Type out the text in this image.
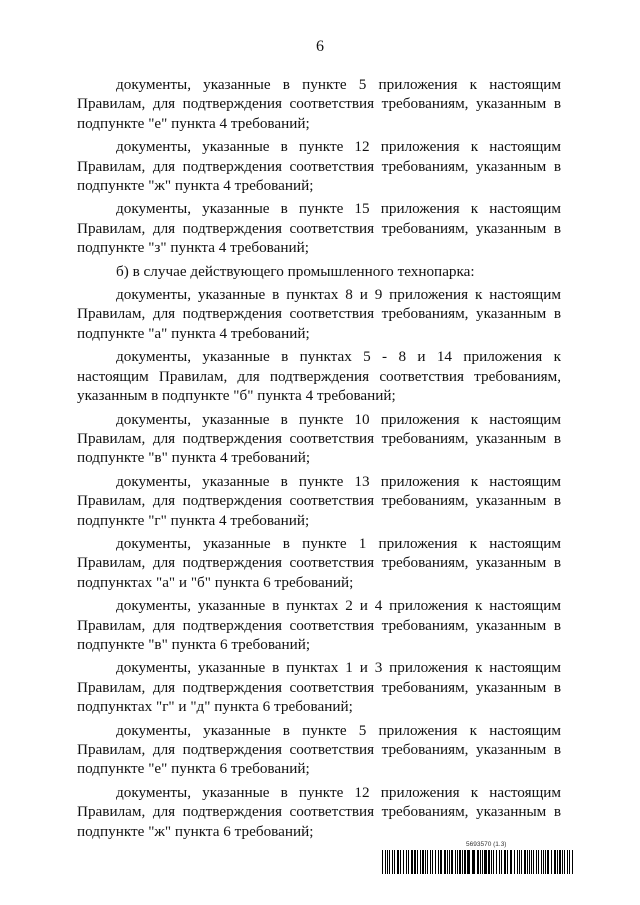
6

документы, указанные в пункте 5 приложения к настоящим Правилам, для подтверждения соответствия требованиям, указанным в подпункте "е" пункта 4 требований;

документы, указанные в пункте 12 приложения к настоящим Правилам, для подтверждения соответствия требованиям, указанным в подпункте "ж" пункта 4 требований;

документы, указанные в пункте 15 приложения к настоящим Правилам, для подтверждения соответствия требованиям, указанным в подпункте "з" пункта 4 требований;

б) в случае действующего промышленного технопарка:

документы, указанные в пунктах 8 и 9 приложения к настоящим Правилам, для подтверждения соответствия требованиям, указанным в подпункте "а" пункта 4 требований;

документы, указанные в пунктах 5 - 8 и 14 приложения к настоящим Правилам, для подтверждения соответствия требованиям, указанным в подпункте "б" пункта 4 требований;

документы, указанные в пункте 10 приложения к настоящим Правилам, для подтверждения соответствия требованиям, указанным в подпункте "в" пункта 4 требований;

документы, указанные в пункте 13 приложения к настоящим Правилам, для подтверждения соответствия требованиям, указанным в подпункте "г" пункта 4 требований;

документы, указанные в пункте 1 приложения к настоящим Правилам, для подтверждения соответствия требованиям, указанным в подпунктах "а" и "б" пункта 6 требований;

документы, указанные в пунктах 2 и 4 приложения к настоящим Правилам, для подтверждения соответствия требованиям, указанным в подпункте "в" пункта 6 требований;

документы, указанные в пунктах 1 и 3 приложения к настоящим Правилам, для подтверждения соответствия требованиям, указанным в подпунктах "г" и "д" пункта 6 требований;

документы, указанные в пункте 5 приложения к настоящим Правилам, для подтверждения соответствия требованиям, указанным в подпункте "е" пункта 6 требований;

документы, указанные в пункте 12 приложения к настоящим Правилам, для подтверждения соответствия требованиям, указанным в подпункте "ж" пункта 6 требований;

5693570 (1.3)
